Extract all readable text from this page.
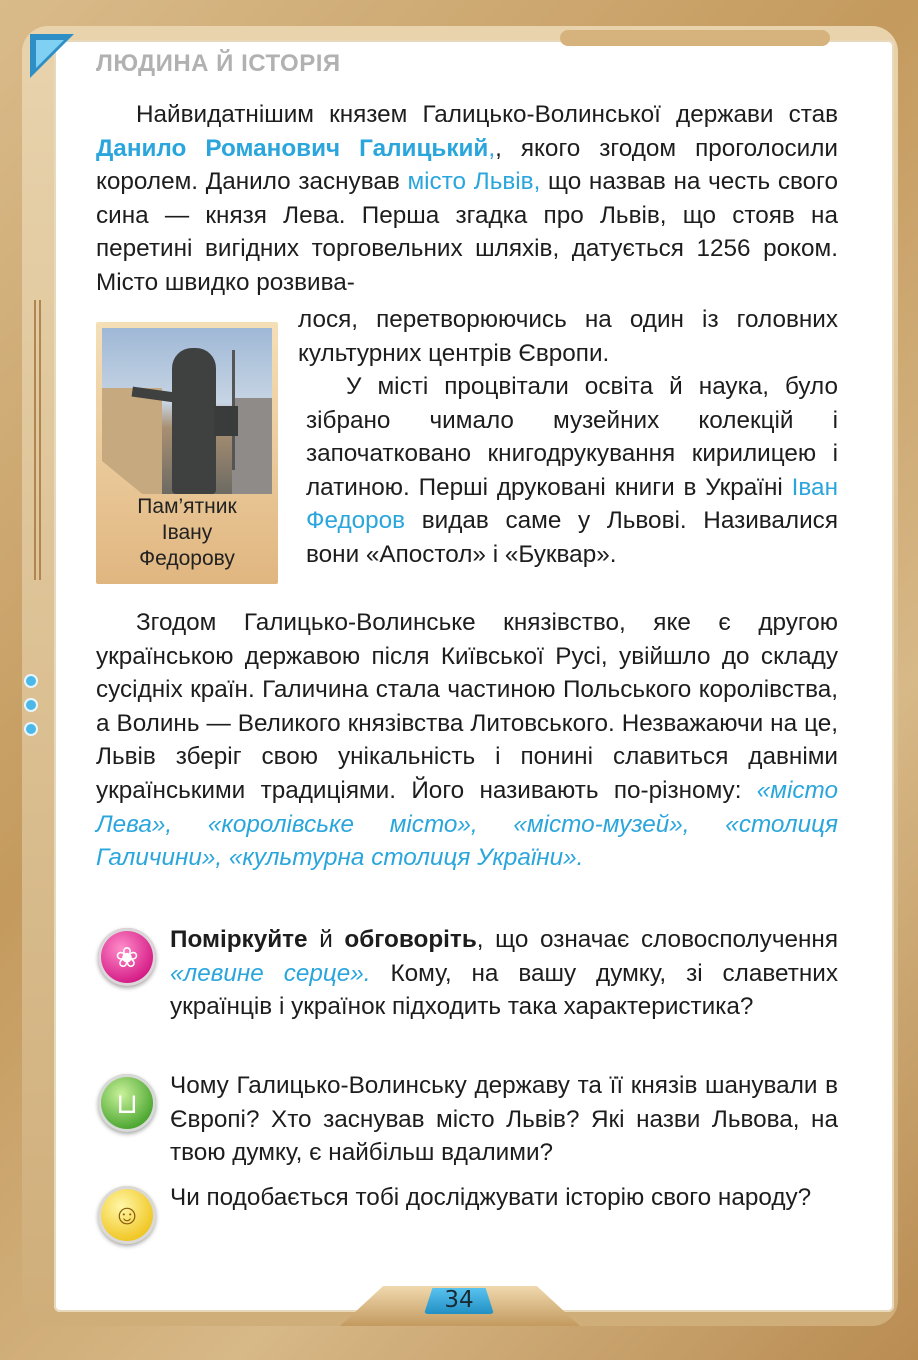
ЛЮДИНА Й ІСТОРІЯ

Найвидатнішим князем Галицько-Волинської держави став Данило Романович Галицький,, якого згодом проголосили королем. Данило заснував місто Львів, що назвав на честь свого сина — князя Лева. Перша згадка про Львів, що стояв на перетині вигідних торговельних шляхів, датується 1256 роком. Місто швидко розвива-

лося, перетворюючись на один із головних культурних центрів Європи.

Пам’ятник
Івану
Федорову

У місті процвітали освіта й наука, було зібрано чимало музейних колекцій і започатковано книгодрукування кирилицею і латиною. Перші друковані книги в Україні Іван Федоров видав саме у Львові. Називалися вони «Апостол» і «Буквар».

Згодом Галицько-Волинське князівство, яке є другою українською державою після Київської Русі, увійшло до складу сусідніх країн. Галичина стала частиною Польського королівства, а Волинь — Великого князівства Литовського. Незважаючи на це, Львів зберіг свою унікальність і понині славиться давніми українськими традиціями. Його називають по-різному: «місто Лева», «королівське місто», «місто-музей», «столиця Галичини», «культурна столиця України».

❀
Поміркуйте й обговоріть, що означає словосполучення «левине серце». Кому, на вашу думку, зі славетних українців і українок підходить така характеристика?
⊔
Чому Галицько-Волинську державу та її князів шанували в Європі? Хто заснував місто Львів? Які назви Львова, на твою думку, є найбільш вдалими?
☺
Чи подобається тобі досліджувати історію свого народу?
34
